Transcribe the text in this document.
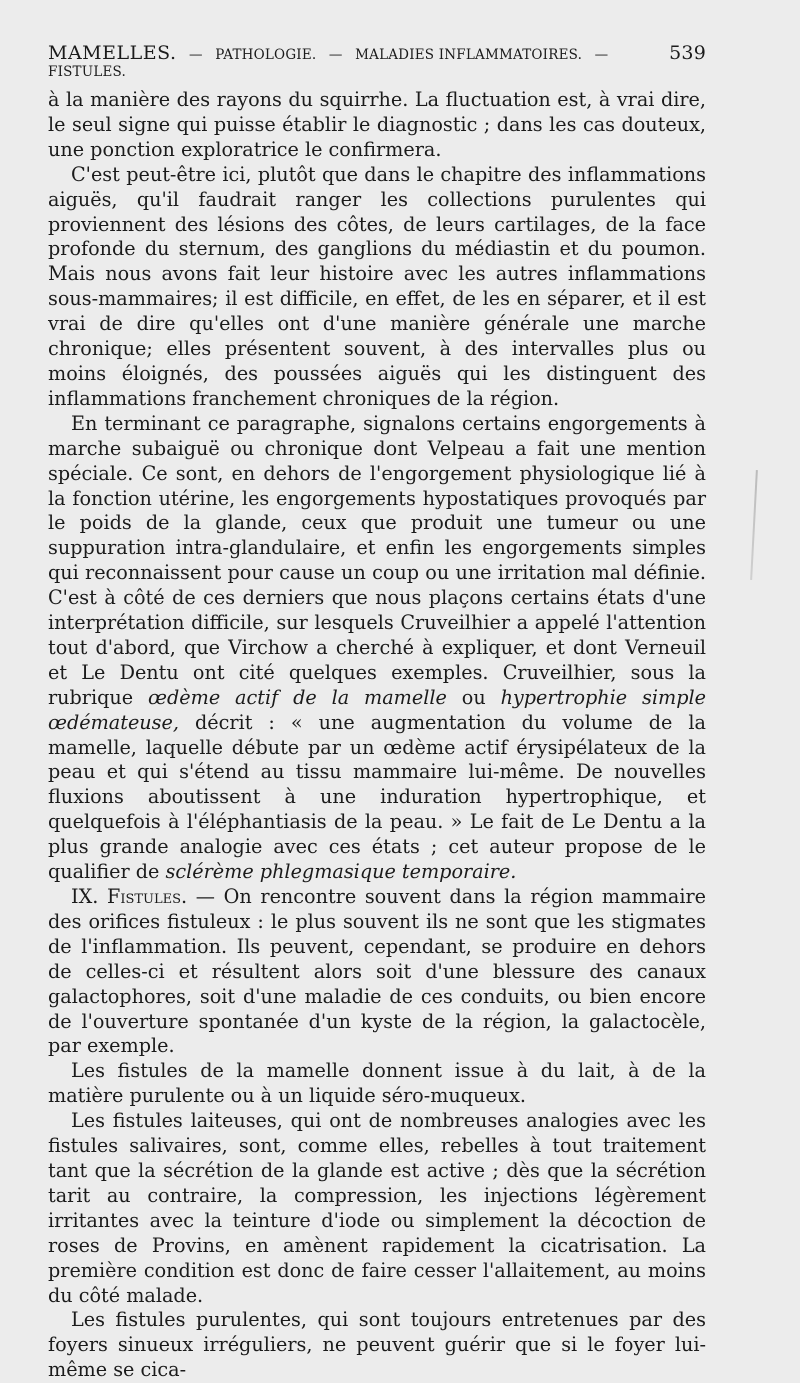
MAMELLES. — PATHOLOGIE. — MALADIES INFLAMMATOIRES. — FISTULES.
539

à la manière des rayons du squirrhe. La fluctuation est, à vrai dire, le seul signe qui puisse établir le diagnostic ; dans les cas douteux, une ponction exploratrice le confirmera.

C'est peut-être ici, plutôt que dans le chapitre des inflammations aiguës, qu'il faudrait ranger les collections purulentes qui proviennent des lésions des côtes, de leurs cartilages, de la face profonde du sternum, des ganglions du médiastin et du poumon. Mais nous avons fait leur histoire avec les autres inflammations sous-mammaires; il est difficile, en effet, de les en séparer, et il est vrai de dire qu'elles ont d'une manière générale une marche chronique; elles présentent souvent, à des intervalles plus ou moins éloignés, des poussées aiguës qui les distinguent des inflammations franchement chroniques de la région.

En terminant ce paragraphe, signalons certains engorgements à marche subaiguë ou chronique dont Velpeau a fait une mention spéciale. Ce sont, en dehors de l'engorgement physiologique lié à la fonction utérine, les engorgements hypostatiques provoqués par le poids de la glande, ceux que produit une tumeur ou une suppuration intra-glandulaire, et enfin les engorgements simples qui reconnaissent pour cause un coup ou une irritation mal définie. C'est à côté de ces derniers que nous plaçons certains états d'une interprétation difficile, sur lesquels Cruveilhier a appelé l'attention tout d'abord, que Virchow a cherché à expliquer, et dont Verneuil et Le Dentu ont cité quelques exemples. Cruveilhier, sous la rubrique œdème actif de la mamelle ou hypertrophie simple œdémateuse, décrit : « une augmentation du volume de la mamelle, laquelle débute par un œdème actif érysipélateux de la peau et qui s'étend au tissu mammaire lui-même. De nouvelles fluxions aboutissent à une induration hypertrophique, et quelquefois à l'éléphantiasis de la peau. » Le fait de Le Dentu a la plus grande analogie avec ces états ; cet auteur propose de le qualifier de sclérème phlegmasique temporaire.

IX. Fistules. — On rencontre souvent dans la région mammaire des orifices fistuleux : le plus souvent ils ne sont que les stigmates de l'inflammation. Ils peuvent, cependant, se produire en dehors de celles-ci et résultent alors soit d'une blessure des canaux galactophores, soit d'une maladie de ces conduits, ou bien encore de l'ouverture spontanée d'un kyste de la région, la galactocèle, par exemple.

Les fistules de la mamelle donnent issue à du lait, à de la matière purulente ou à un liquide séro-muqueux.

Les fistules laiteuses, qui ont de nombreuses analogies avec les fistules salivaires, sont, comme elles, rebelles à tout traitement tant que la sécrétion de la glande est active ; dès que la sécrétion tarit au contraire, la compression, les injections légèrement irritantes avec la teinture d'iode ou simplement la décoction de roses de Provins, en amènent rapidement la cicatrisation. La première condition est donc de faire cesser l'allaitement, au moins du côté malade.

Les fistules purulentes, qui sont toujours entretenues par des foyers sinueux irréguliers, ne peuvent guérir que si le foyer lui-même se cica-
